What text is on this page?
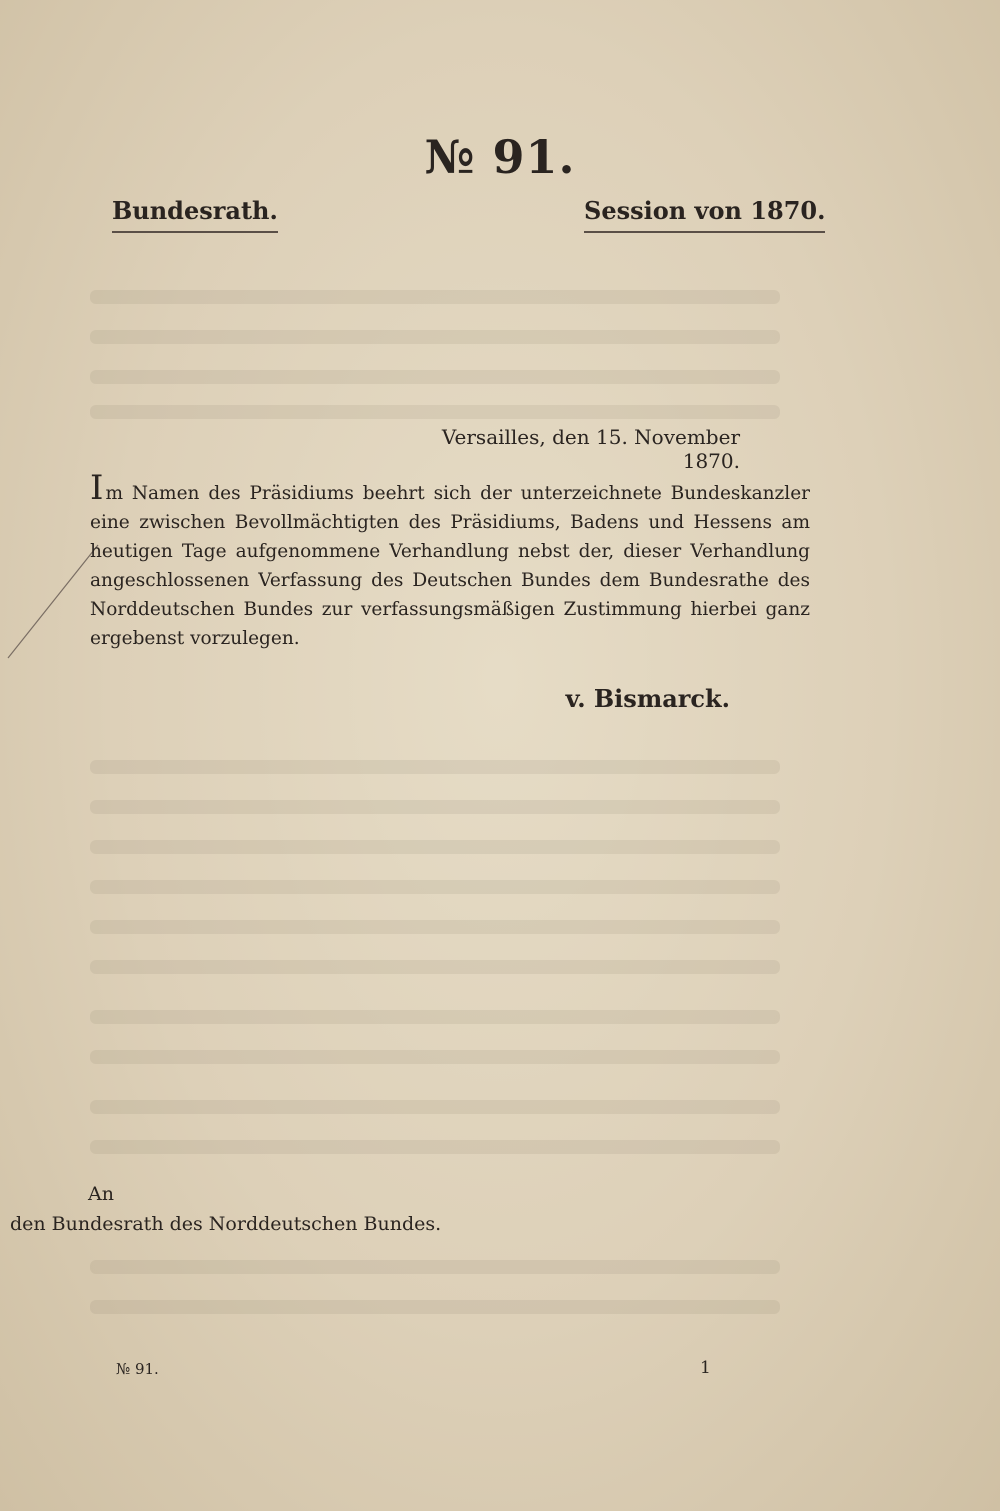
№ 91.
Bundesrath.	Session von 1870.
Versailles, den 15. November 1870.
Im Namen des Präsidiums beehrt sich der unterzeichnete Bundeskanzler eine zwischen Bevollmächtigten des Präsidiums, Badens und Hessens am heutigen Tage aufgenommene Verhandlung nebst der, dieser Verhandlung angeschlossenen Verfassung des Deutschen Bundes dem Bundesrathe des Norddeutschen Bundes zur verfassungsmäßigen Zustimmung hierbei ganz ergebenst vorzulegen.
v. Bismarck.
An
den Bundesrath des Norddeutschen Bundes.
№ 91.	1
